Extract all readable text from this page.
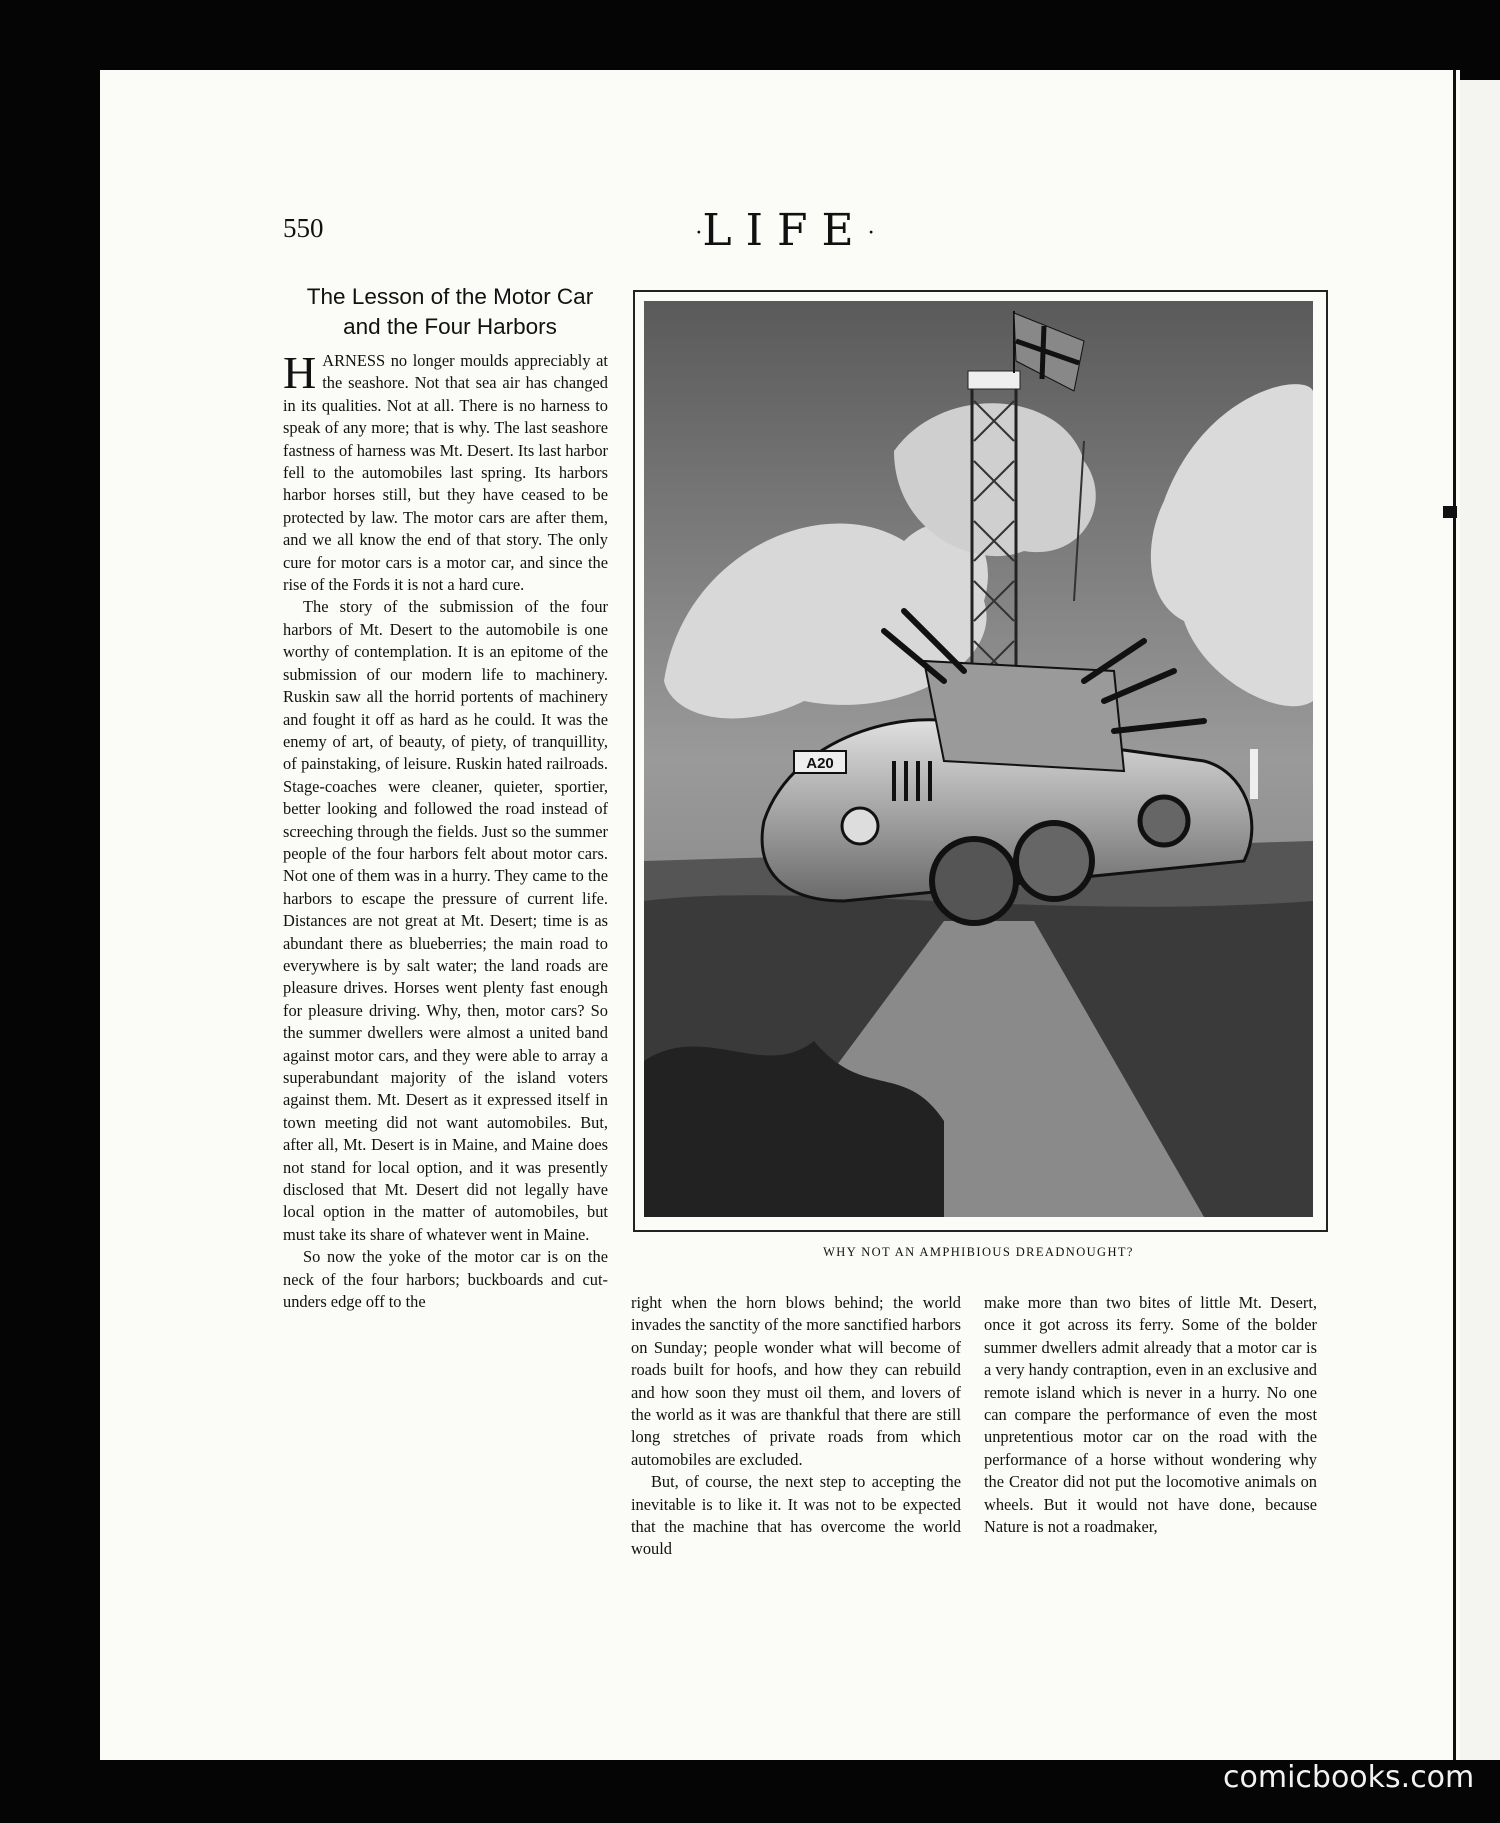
550	·LIFE·
The Lesson of the Motor Car
and the Four Harbors

HARNESS no longer moulds appreciably at the seashore. Not that sea air has changed in its qualities. Not at all. There is no harness to speak of any more; that is why. The last seashore fastness of harness was Mt. Desert. Its last harbor fell to the automobiles last spring. Its harbors harbor horses still, but they have ceased to be protected by law. The motor cars are after them, and we all know the end of that story. The only cure for motor cars is a motor car, and since the rise of the Fords it is not a hard cure.

The story of the submission of the four harbors of Mt. Desert to the automobile is one worthy of contemplation. It is an epitome of the submission of our modern life to machinery. Ruskin saw all the horrid portents of machinery and fought it off as hard as he could. It was the enemy of art, of beauty, of piety, of tranquillity, of painstaking, of leisure. Ruskin hated railroads. Stage-coaches were cleaner, quieter, sportier, better looking and followed the road instead of screeching through the fields. Just so the summer people of the four harbors felt about motor cars. Not one of them was in a hurry. They came to the harbors to escape the pressure of current life. Distances are not great at Mt. Desert; time is as abundant there as blueberries; the main road to everywhere is by salt water; the land roads are pleasure drives. Horses went plenty fast enough for pleasure driving. Why, then, motor cars? So the summer dwellers were almost a united band against motor cars, and they were able to array a superabundant majority of the island voters against them. Mt. Desert as it expressed itself in town meeting did not want automobiles. But, after all, Mt. Desert is in Maine, and Maine does not stand for local option, and it was presently disclosed that Mt. Desert did not legally have local option in the matter of automobiles, but must take its share of whatever went in Maine.

So now the yoke of the motor car is on the neck of the four harbors; buckboards and cut-unders edge off to the

A20
WHY NOT AN AMPHIBIOUS DREADNOUGHT?

right when the horn blows behind; the world invades the sanctity of the more sanctified harbors on Sunday; people wonder what will become of roads built for hoofs, and how they can rebuild and how soon they must oil them, and lovers of the world as it was are thankful that there are still long stretches of private roads from which automobiles are excluded.

But, of course, the next step to accepting the inevitable is to like it. It was not to be expected that the machine that has overcome the world would

make more than two bites of little Mt. Desert, once it got across its ferry. Some of the bolder summer dwellers admit already that a motor car is a very handy contraption, even in an exclusive and remote island which is never in a hurry. No one can compare the performance of even the most unpretentious motor car on the road with the performance of a horse without wondering why the Creator did not put the locomotive animals on wheels. But it would not have done, because Nature is not a roadmaker,

comicbooks.com
